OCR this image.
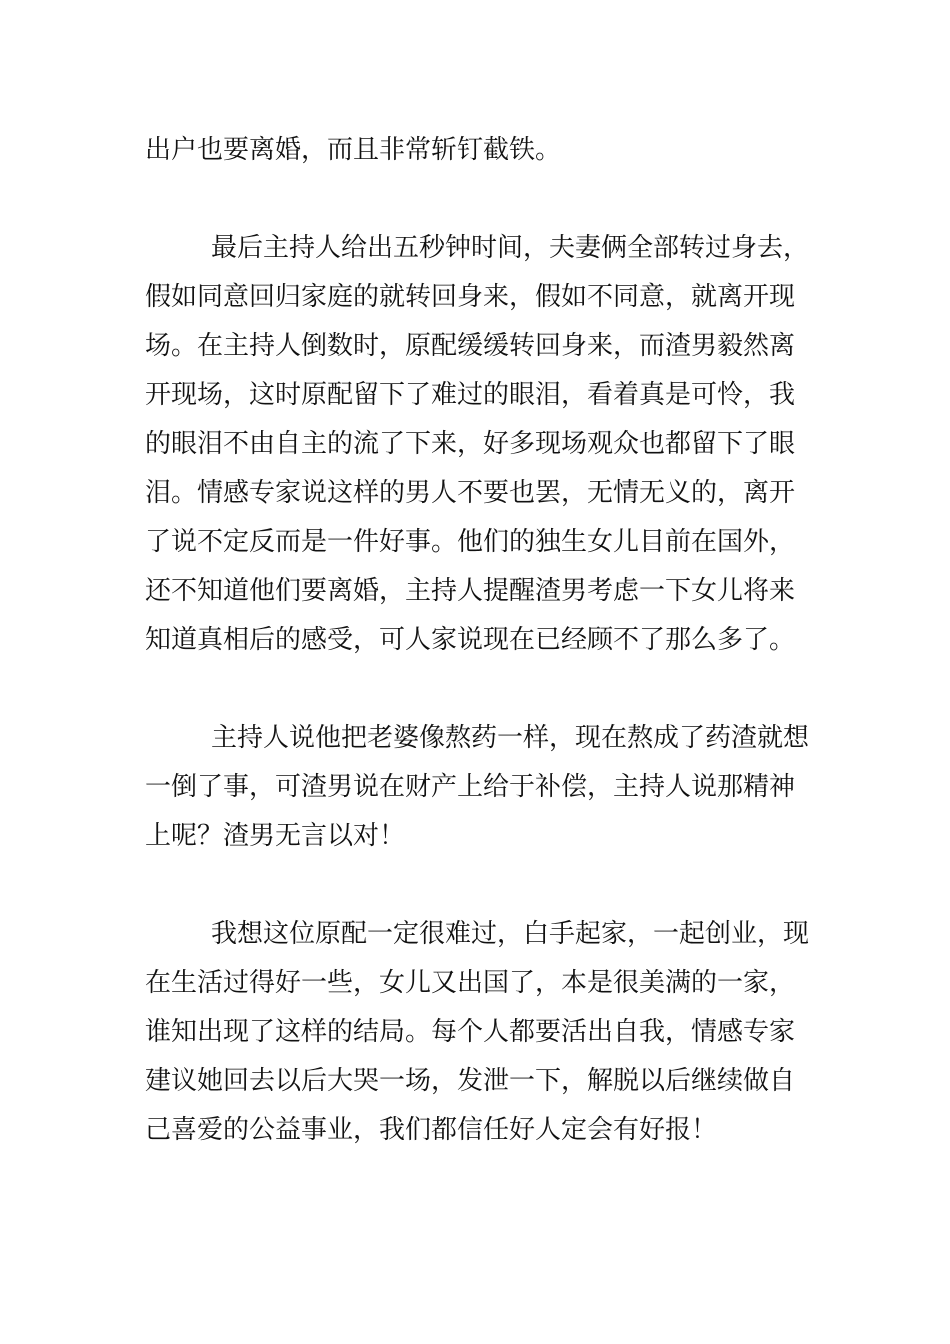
出户也要离婚，而且非常斩钉截铁。
最后主持人给出五秒钟时间，夫妻俩全部转过身去，
假如同意回归家庭的就转回身来，假如不同意，就离开现
场。在主持人倒数时，原配缓缓转回身来，而渣男毅然离
开现场，这时原配留下了难过的眼泪，看着真是可怜，我
的眼泪不由自主的流了下来，好多现场观众也都留下了眼
泪。情感专家说这样的男人不要也罢，无情无义的，离开
了说不定反而是一件好事。他们的独生女儿目前在国外，
还不知道他们要离婚，主持人提醒渣男考虑一下女儿将来
知道真相后的感受，可人家说现在已经顾不了那么多了。
主持人说他把老婆像熬药一样，现在熬成了药渣就想
一倒了事，可渣男说在财产上给于补偿，主持人说那精神
上呢？渣男无言以对！
我想这位原配一定很难过，白手起家，一起创业，现
在生活过得好一些，女儿又出国了，本是很美满的一家，
谁知出现了这样的结局。每个人都要活出自我，情感专家
建议她回去以后大哭一场，发泄一下，解脱以后继续做自
己喜爱的公益事业，我们都信任好人定会有好报！
